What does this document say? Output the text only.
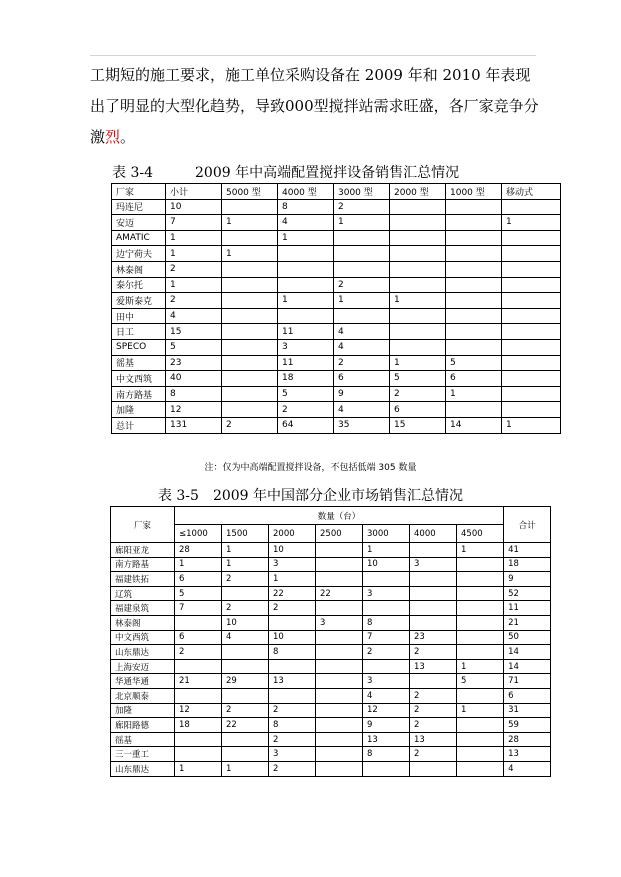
工期短的施工要求，施工单位采购设备在 2009 年和 2010 年表现
出了明显的大型化趋势，导致000型搅拌站需求旺盛，各厂家竞争分
激烈。
表 3-4	2009 年中高端配置搅拌设备销售汇总情况
厂家	小计	5000 型	4000 型	3000 型	2000 型	1000 型	移动式
玛连尼	10		8	2			
安迈	7	1	4	1			1
AMATIC	1		1				
边宁荷夫	1	1					
林泰阁	2						
泰尔托	1			2			
爱斯泰克	2		1	1	1		
田中	4						
日工	15		11	4			
SPECO	5		3	4			
徭基	23		11	2	1	5	
中文西筑	40		18	6	5	6	
南方路基	8		5	9	2	1	
加隆	12		2	4	6		
总计	131	2	64	35	15	14	1
注：仅为中高端配置搅拌设备，不包括低端 305 数量
表 3-5 2009 年中国部分企业市场销售汇总情况
厂家	数量（台）							合计
	≤1000	1500	2000	2500	3000	4000	4500	
廊阳亚龙	28	1	10		1		1	41
南方路基	1	1	3		10	3		18
福建铁拓	6	2	1					9
辽筑	5		22	22	3			52
福建泉筑	7	2	2					11
林泰阁		10		3	8			21
中文西筑	6	4	10		7	23		50
山东鼎达	2		8		2	2		14
上海安迈						13	1	14
华通华通	21	29	13		3		5	71
北京顺泰					4	2		6
加隆	12	2	2		12	2	1	31
廊阳路德	18	22	8		9	2		59
徭基			2		13	13		28
三一重工			3		8	2		13
山东鼎达	1	1	2					4
